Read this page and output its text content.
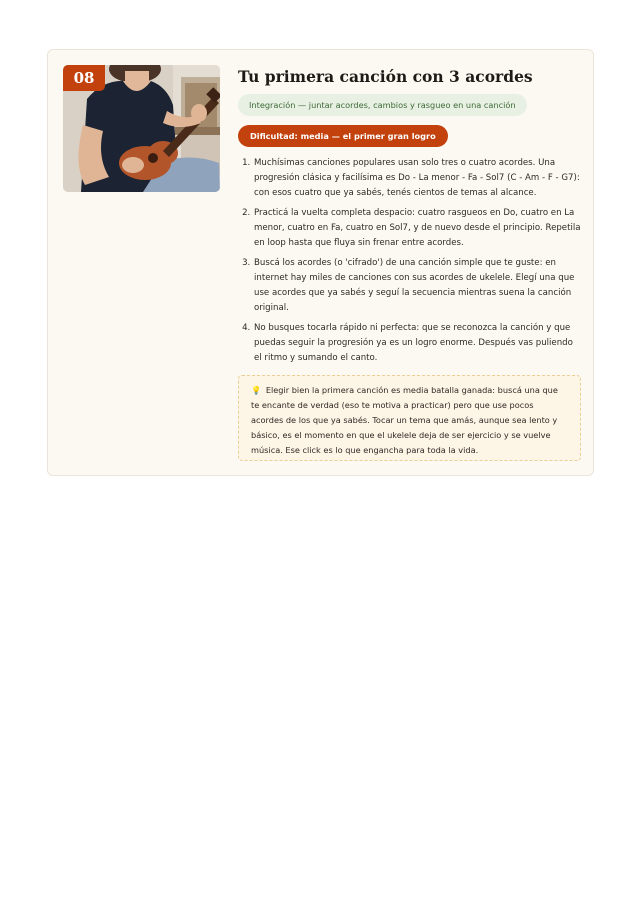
08	Tu primera canción con 3 acordes
Integración — juntar acordes, cambios y rasgueo en una canción
Dificultad: media — el primer gran logro
1. Muchísimas canciones populares usan solo tres o cuatro acordes. Una progresión clásica y facilísima es Do - La menor - Fa - Sol7 (C - Am - F - G7): con esos cuatro que ya sabés, tenés cientos de temas al alcance.
2. Practicá la vuelta completa despacio: cuatro rasgueos en Do, cuatro en La menor, cuatro en Fa, cuatro en Sol7, y de nuevo desde el principio. Repetila en loop hasta que fluya sin frenar entre acordes.
3. Buscá los acordes (o 'cifrado') de una canción simple que te guste: en internet hay miles de canciones con sus acordes de ukelele. Elegí una que use acordes que ya sabés y seguí la secuencia mientras suena la canción original.
4. No busques tocarla rápido ni perfecta: que se reconozca la canción y que puedas seguir la progresión ya es un logro enorme. Después vas puliendo el ritmo y sumando el canto.
💡 Elegir bien la primera canción es media batalla ganada: buscá una que te encante de verdad (eso te motiva a practicar) pero que use pocos acordes de los que ya sabés. Tocar un tema que amás, aunque sea lento y básico, es el momento en que el ukelele deja de ser ejercicio y se vuelve música. Ese click es lo que engancha para toda la vida.
